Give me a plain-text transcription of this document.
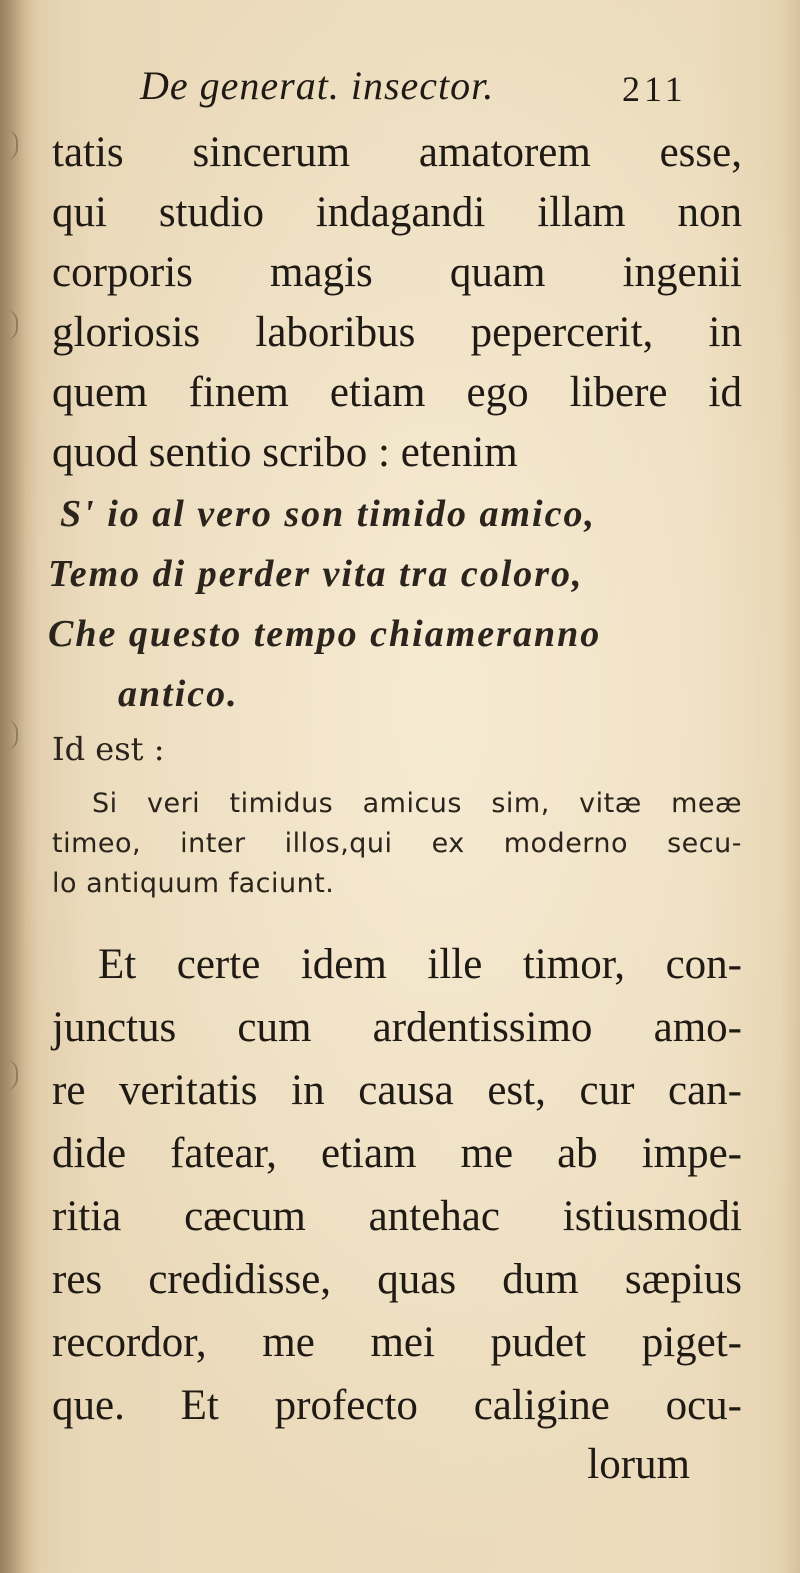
De generat. insector.	211
tatis sincerum amatorem esse,
qui studio indagandi illam non
corporis magis quam ingenii
gloriosis laboribus pepercerit, in
quem finem etiam ego libere id
quod sentio scribo : etenim
S' io al vero son timido amico,
Temo di perder vita tra coloro,
Che questo tempo chiameranno
antico.
Id est :
Si veri timidus amicus sim, vitæ meæ
timeo, inter illos,qui ex moderno secu-
lo antiquum faciunt.
Et certe idem ille timor, con-
junctus cum ardentissimo amo-
re veritatis in causa est, cur can-
dide fatear, etiam me ab impe-
ritia cæcum antehac istiusmodi
res credidisse, quas dum sæpius
recordor, me mei pudet piget-
que. Et profecto caligine ocu-
lorum
